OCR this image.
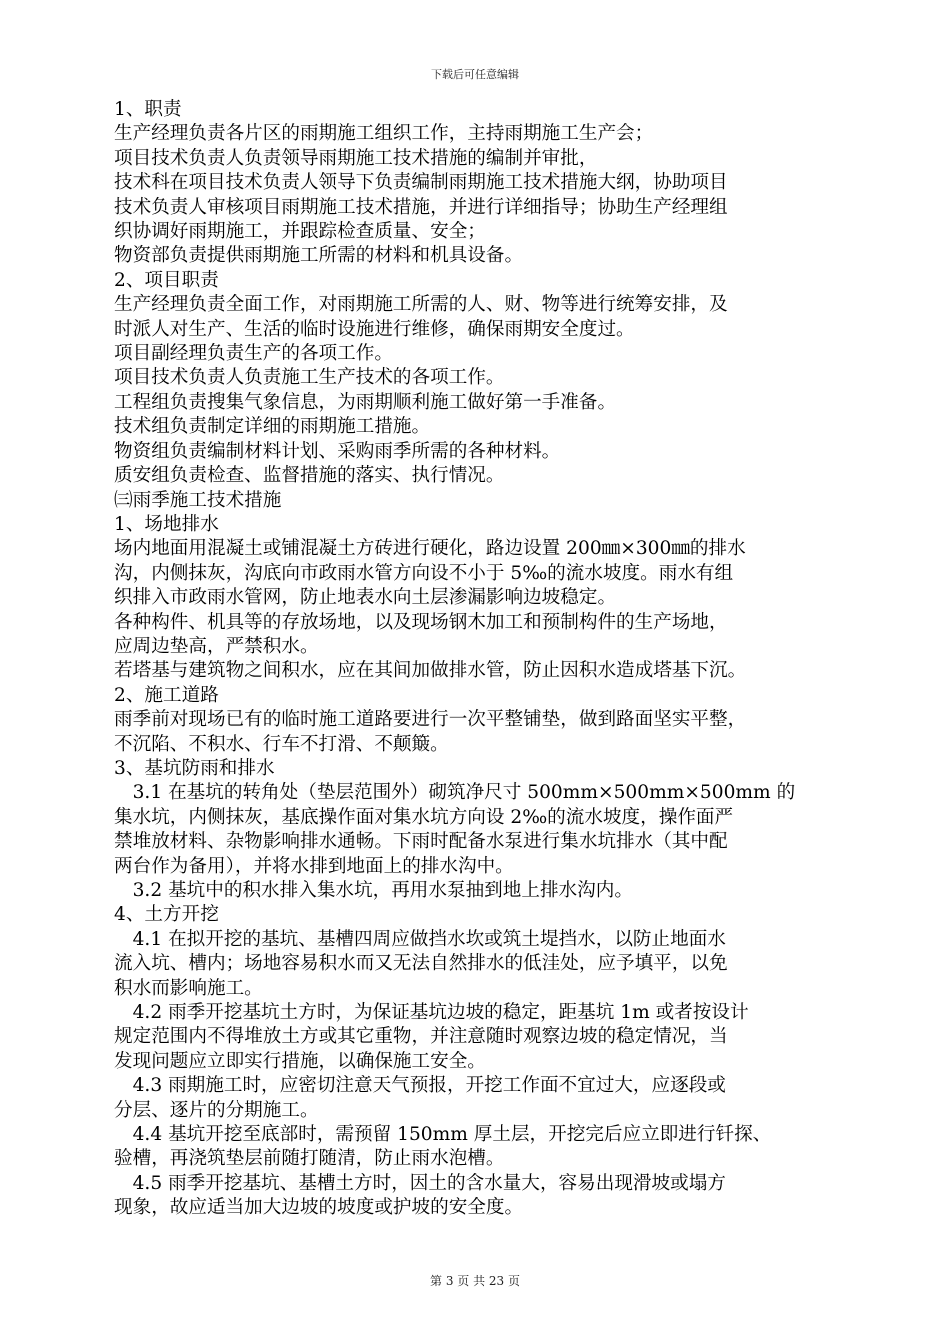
下载后可任意编辑

1、职责

生产经理负责各片区的雨期施工组织工作，主持雨期施工生产会；

项目技术负责人负责领导雨期施工技术措施的编制并审批，

技术科在项目技术负责人领导下负责编制雨期施工技术措施大纲，协助项目

技术负责人审核项目雨期施工技术措施，并进行详细指导；协助生产经理组

织协调好雨期施工，并跟踪检查质量、安全；

物资部负责提供雨期施工所需的材料和机具设备。

2、项目职责

生产经理负责全面工作，对雨期施工所需的人、财、物等进行统筹安排，及

时派人对生产、生活的临时设施进行维修，确保雨期安全度过。

项目副经理负责生产的各项工作。

项目技术负责人负责施工生产技术的各项工作。

工程组负责搜集气象信息，为雨期顺利施工做好第一手准备。

技术组负责制定详细的雨期施工措施。

物资组负责编制材料计划、采购雨季所需的各种材料。

质安组负责检查、监督措施的落实、执行情况。

㈢雨季施工技术措施

1、场地排水

场内地面用混凝土或铺混凝土方砖进行硬化，路边设置 200㎜×300㎜的排水

沟，内侧抹灰，沟底向市政雨水管方向设不小于 5‰的流水坡度。雨水有组

织排入市政雨水管网，防止地表水向土层渗漏影响边坡稳定。

各种构件、机具等的存放场地，以及现场钢木加工和预制构件的生产场地，

应周边垫高，严禁积水。

若塔基与建筑物之间积水，应在其间加做排水管，防止因积水造成塔基下沉。

2、施工道路

雨季前对现场已有的临时施工道路要进行一次平整铺垫，做到路面坚实平整，

不沉陷、不积水、行车不打滑、不颠簸。

3、基坑防雨和排水

　3.1 在基坑的转角处（垫层范围外）砌筑净尺寸 500mm×500mm×500mm 的

集水坑，内侧抹灰，基底操作面对集水坑方向设 2‰的流水坡度，操作面严

禁堆放材料、杂物影响排水通畅。下雨时配备水泵进行集水坑排水（其中配

两台作为备用），并将水排到地面上的排水沟中。

　3.2 基坑中的积水排入集水坑，再用水泵抽到地上排水沟内。

4、土方开挖

　4.1 在拟开挖的基坑、基槽四周应做挡水坎或筑土堤挡水，以防止地面水

流入坑、槽内；场地容易积水而又无法自然排水的低洼处，应予填平，以免

积水而影响施工。

　4.2 雨季开挖基坑土方时，为保证基坑边坡的稳定，距基坑 1m 或者按设计

规定范围内不得堆放土方或其它重物，并注意随时观察边坡的稳定情况，当

发现问题应立即实行措施，以确保施工安全。

　4.3 雨期施工时，应密切注意天气预报，开挖工作面不宜过大，应逐段或

分层、逐片的分期施工。

　4.4 基坑开挖至底部时，需预留 150mm 厚土层，开挖完后应立即进行钎探、

验槽，再浇筑垫层前随打随清，防止雨水泡槽。

　4.5 雨季开挖基坑、基槽土方时，因土的含水量大，容易出现滑坡或塌方

现象，故应适当加大边坡的坡度或护坡的安全度。

第 3 页 共 23 页
